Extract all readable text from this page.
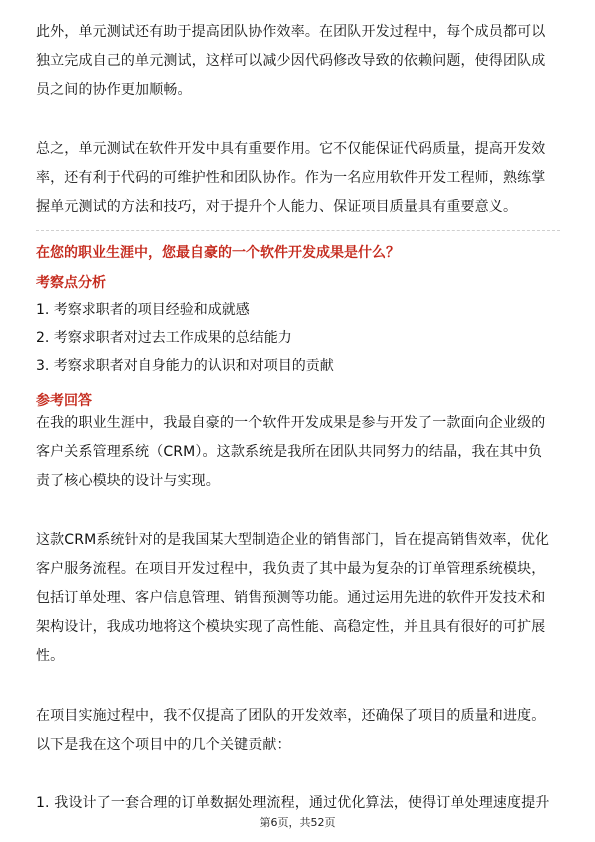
此外，单元测试还有助于提高团队协作效率。在团队开发过程中，每个成员都可以

独立完成自己的单元测试，这样可以减少因代码修改导致的依赖问题，使得团队成

员之间的协作更加顺畅。

总之，单元测试在软件开发中具有重要作用。它不仅能保证代码质量，提高开发效

率，还有利于代码的可维护性和团队协作。作为一名应用软件开发工程师，熟练掌

握单元测试的方法和技巧，对于提升个人能力、保证项目质量具有重要意义。

在您的职业生涯中，您最自豪的一个软件开发成果是什么？

考察点分析

1. 考察求职者的项目经验和成就感

2. 考察求职者对过去工作成果的总结能力

3. 考察求职者对自身能力的认识和对项目的贡献

参考回答

在我的职业生涯中，我最自豪的一个软件开发成果是参与开发了一款面向企业级的

客户关系管理系统（CRM）。这款系统是我所在团队共同努力的结晶，我在其中负

责了核心模块的设计与实现。

这款CRM系统针对的是我国某大型制造企业的销售部门，旨在提高销售效率，优化

客户服务流程。在项目开发过程中，我负责了其中最为复杂的订单管理系统模块，

包括订单处理、客户信息管理、销售预测等功能。通过运用先进的软件开发技术和

架构设计，我成功地将这个模块实现了高性能、高稳定性，并且具有很好的可扩展

性。

在项目实施过程中，我不仅提高了团队的开发效率，还确保了项目的质量和进度。

以下是我在这个项目中的几个关键贡献：

1. 我设计了一套合理的订单数据处理流程，通过优化算法，使得订单处理速度提升

第6页，共52页
